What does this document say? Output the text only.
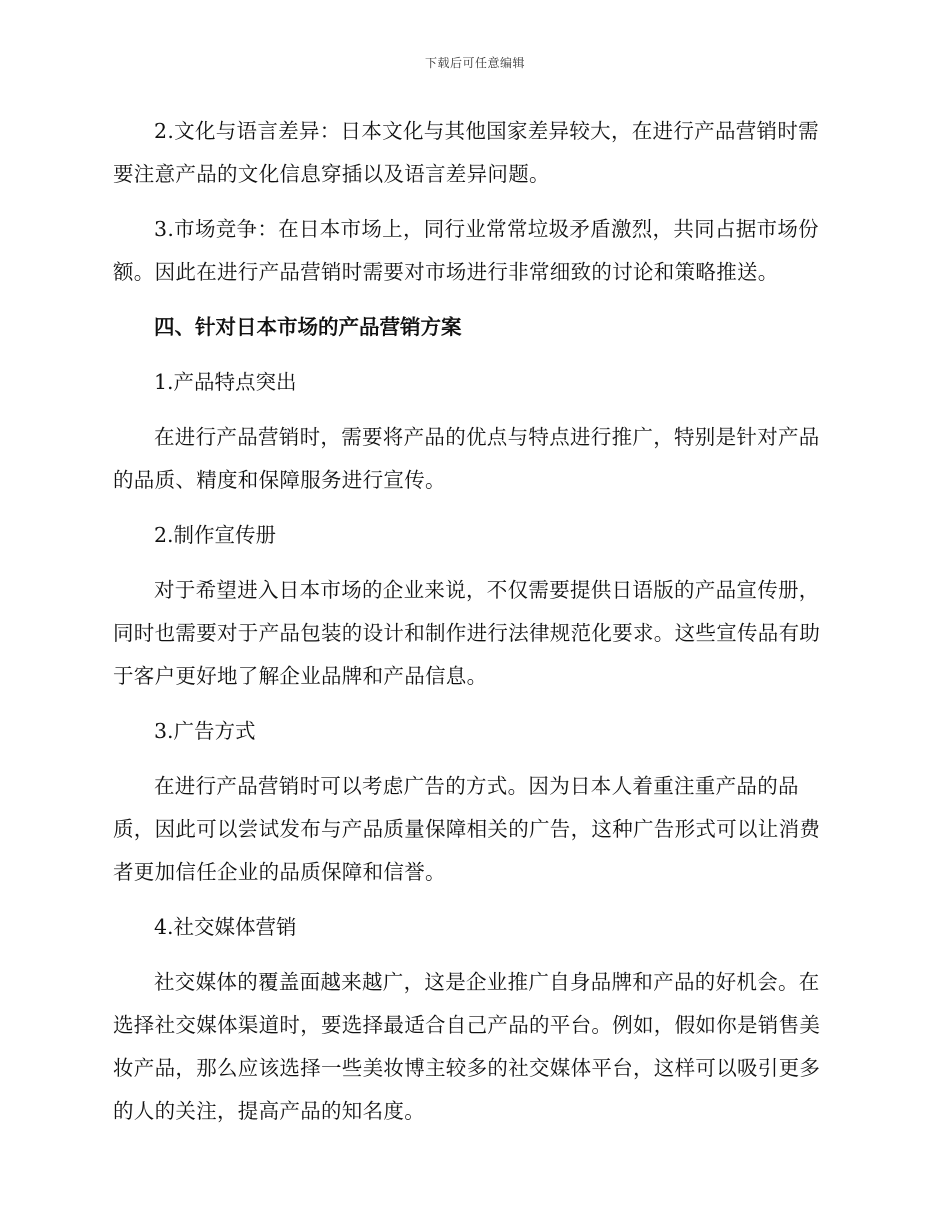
下载后可任意编辑

2.文化与语言差异：日本文化与其他国家差异较大，在进行产品营销时需要注意产品的文化信息穿插以及语言差异问题。

3.市场竞争：在日本市场上，同行业常常垃圾矛盾激烈，共同占据市场份额。因此在进行产品营销时需要对市场进行非常细致的讨论和策略推送。

四、针对日本市场的产品营销方案

1.产品特点突出

在进行产品营销时，需要将产品的优点与特点进行推广，特别是针对产品的品质、精度和保障服务进行宣传。

2.制作宣传册

对于希望进入日本市场的企业来说，不仅需要提供日语版的产品宣传册，同时也需要对于产品包装的设计和制作进行法律规范化要求。这些宣传品有助于客户更好地了解企业品牌和产品信息。

3.广告方式

在进行产品营销时可以考虑广告的方式。因为日本人着重注重产品的品质，因此可以尝试发布与产品质量保障相关的广告，这种广告形式可以让消费者更加信任企业的品质保障和信誉。

4.社交媒体营销

社交媒体的覆盖面越来越广，这是企业推广自身品牌和产品的好机会。在选择社交媒体渠道时，要选择最适合自己产品的平台。例如，假如你是销售美妆产品，那么应该选择一些美妆博主较多的社交媒体平台，这样可以吸引更多的人的关注，提高产品的知名度。
